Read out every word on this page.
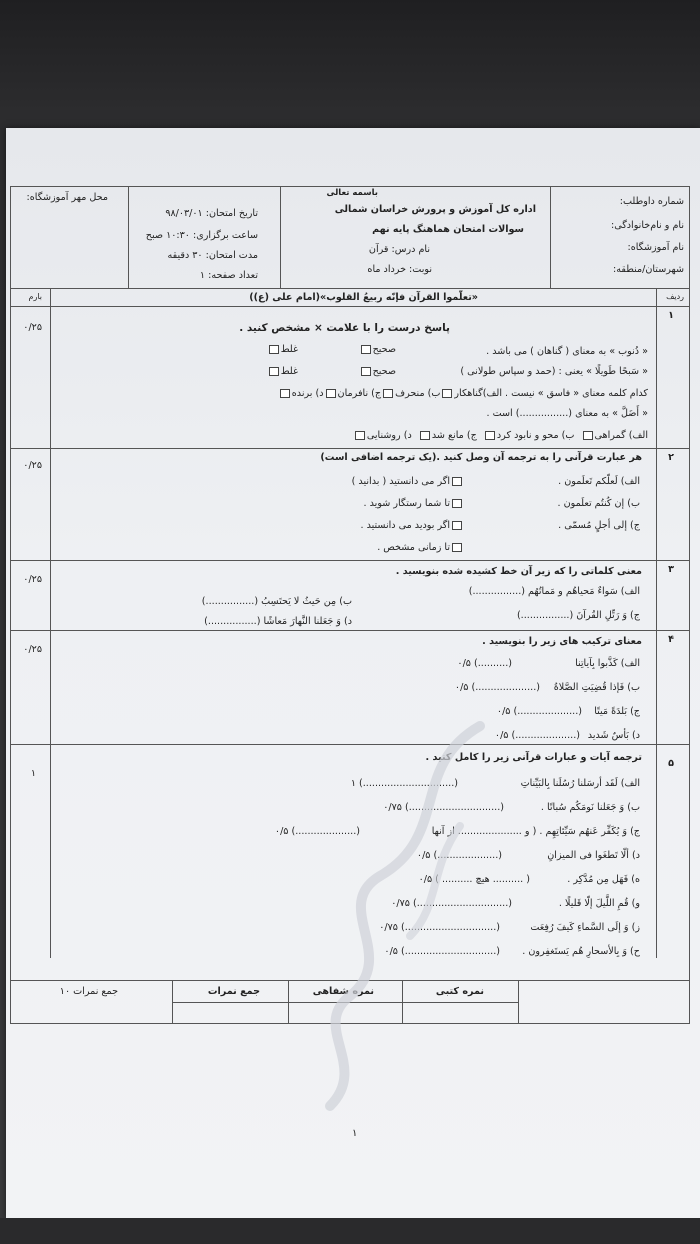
شماره داوطلب:
نام و نام‌خانوادگی:
نام آموزشگاه:
شهرستان/منطقه:
باسمه تعالی
اداره کل آموزش و پرورش خراسان شمالی
سوالات امتحان هماهنگ پایه نهم
نام درس: قرآن
نوبت: خرداد ماه
تاریخ امتحان: ۹۸/۰۳/۰۱
ساعت برگزاری: ۱۰:۳۰ صبح
مدت امتحان: ۳۰ دقیقه
تعداد صفحه: ۱
محل مهر آموزشگاه:
ردیف
بارم	«تعلّموا القرآن فإنّه ربیعُ القلوب»(امام علی (ع))
۱
۰/۲۵	پاسخ درست را با علامت × مشخص کنید .
« ذُنوب » به معنای ( گناهان ) می باشد .
صحیح
غلط
« سَبحًا طَویلًا » یعنی : (حمد و سپاس طولانی )
صحیح
غلط
کدام کلمه معنای « فاسق » نیست . الف)گناهکارب) منحرفج) نافرماند) برنده
« أَضَلَّ » به معنای (................) است .
الف) گمراهی  ب) محو و نابود کرد  ج) مانع شد  د) روشنایی
۲
۰/۲۵
هر عبارت قرآنی را به ترجمه آن وصل کنید .(یک ترجمه اضافی است)
الف) لَعلّکم تَعلَمون .
ب) إن کُنتُم تعلَمون .
ج) إلی أجلٍ مُسمّی .
اگر می دانستید ( بدانید )
تا شما رستگار شوید .
اگر بودید می دانستید .
تا زمانی مشخص .
۳
۰/۲۵
معنی کلماتی را که زیر آن خط کشیده شده بنویسید .
الف) سَواءٌ مَحیاهُم و مَماتُهُم (................)
ب) مِن حَیثُ لا یَحتَسِبُ (................)
ج) وَ رَتِّلِ القُرآنَ (................)
د) وَ جَعَلنا النَّهارَ مَعاشًا (................)
۴
۰/۲۵
معنای ترکیب های زیر را بنویسید .
الف) کَذَّبوا بِآیاتِنا
(..........) ۰/۵
ب) فَإذا قُضِیَتِ الصَّلاةُ
(....................) ۰/۵
ج) بَلدَةً مَیتًا
(....................) ۰/۵
د) بَأسٌ شَدید
(....................) ۰/۵
۵
۱
ترجمه آیات و عبارات قرآنی زیر را کامل کنید .
الف) لَقَد أرسَلنا رُسُلَنا بِالبَیِّناتِ
(..............................) ۱
ب) وَ جَعَلنا نَومَکُم سُباتًا .
(..............................) ۰/۷۵
ج) وَ یُکَفِّر عَنهُم سَیِّئاتِهِم . ( و ..................... از آنها
(....................) ۰/۵
د) ألّا تَطغَوا فی المیزانِ
(....................) ۰/۵
ه) فَهَل مِن مُدَّکِر .
( .......... هیچ .......... ) ۰/۵
و) قُمِ اللَّیلَ إلّا قَلیلًا .
(..............................) ۰/۷۵
ز) وَ إلَی السَّماءِ کَیفَ رُفِعَت
(..............................) ۰/۷۵
ح) وَ بِالأسحارِ هُم یَستَغفِرون .
(..............................) ۰/۵
نمره کتبی
نمره شفاهی
جمع نمرات
جمع نمرات ۱۰
۱
